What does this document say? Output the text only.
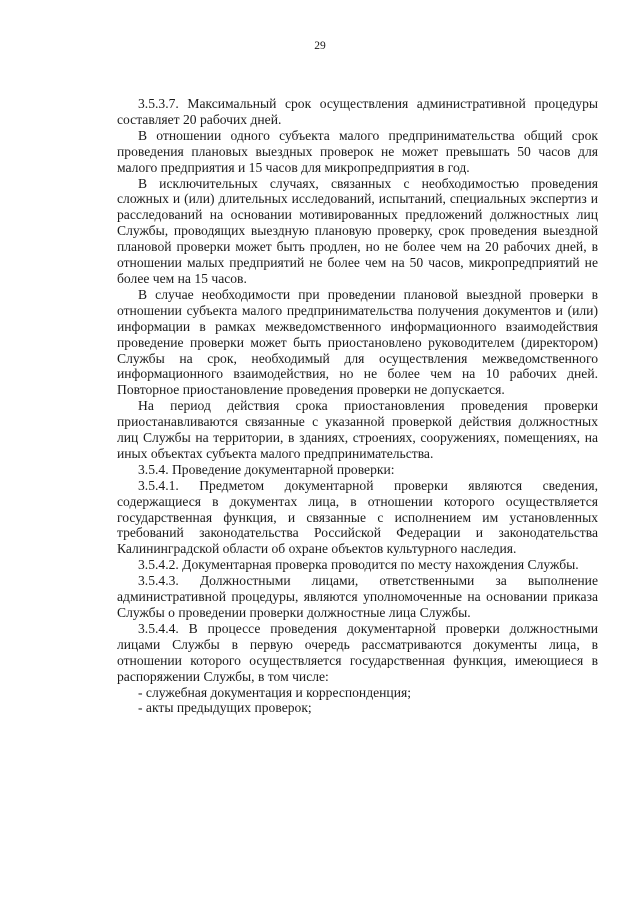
29

3.5.3.7. Максимальный срок осуществления административной процедуры составляет 20 рабочих дней.

В отношении одного субъекта малого предпринимательства общий срок проведения плановых выездных проверок не может превышать 50 часов для малого предприятия и 15 часов для микропредприятия в год.

В исключительных случаях, связанных с необходимостью проведения сложных и (или) длительных исследований, испытаний, специальных экспертиз и расследований на основании мотивированных предложений должностных лиц Службы, проводящих выездную плановую проверку, срок проведения выездной плановой проверки может быть продлен, но не более чем на 20 рабочих дней, в отношении малых предприятий не более чем на 50 часов, микропредприятий не более чем на 15 часов.

В случае необходимости при проведении плановой выездной проверки в отношении субъекта малого предпринимательства получения документов и (или) информации в рамках межведомственного информационного взаимодействия проведение проверки может быть приостановлено руководителем (директором) Службы на срок, необходимый для осуществления межведомственного информационного взаимодействия, но не более чем на 10 рабочих дней. Повторное приостановление проведения проверки не допускается.

На период действия срока приостановления проведения проверки приостанавливаются связанные с указанной проверкой действия должностных лиц Службы на территории, в зданиях, строениях, сооружениях, помещениях, на иных объектах субъекта малого предпринимательства.

3.5.4. Проведение документарной проверки:

3.5.4.1. Предметом документарной проверки являются сведения, содержащиеся в документах лица, в отношении которого осуществляется государственная функция, и связанные с исполнением им установленных требований законодательства Российской Федерации и законодательства Калининградской области об охране объектов культурного наследия.

3.5.4.2. Документарная проверка проводится по месту нахождения Службы.

3.5.4.3. Должностными лицами, ответственными за выполнение административной процедуры, являются уполномоченные на основании приказа Службы о проведении проверки должностные лица Службы.

3.5.4.4. В процессе проведения документарной проверки должностными лицами Службы в первую очередь рассматриваются документы лица, в отношении которого осуществляется государственная функция, имеющиеся в распоряжении Службы, в том числе:

- служебная документация и корреспонденция;

- акты предыдущих проверок;
